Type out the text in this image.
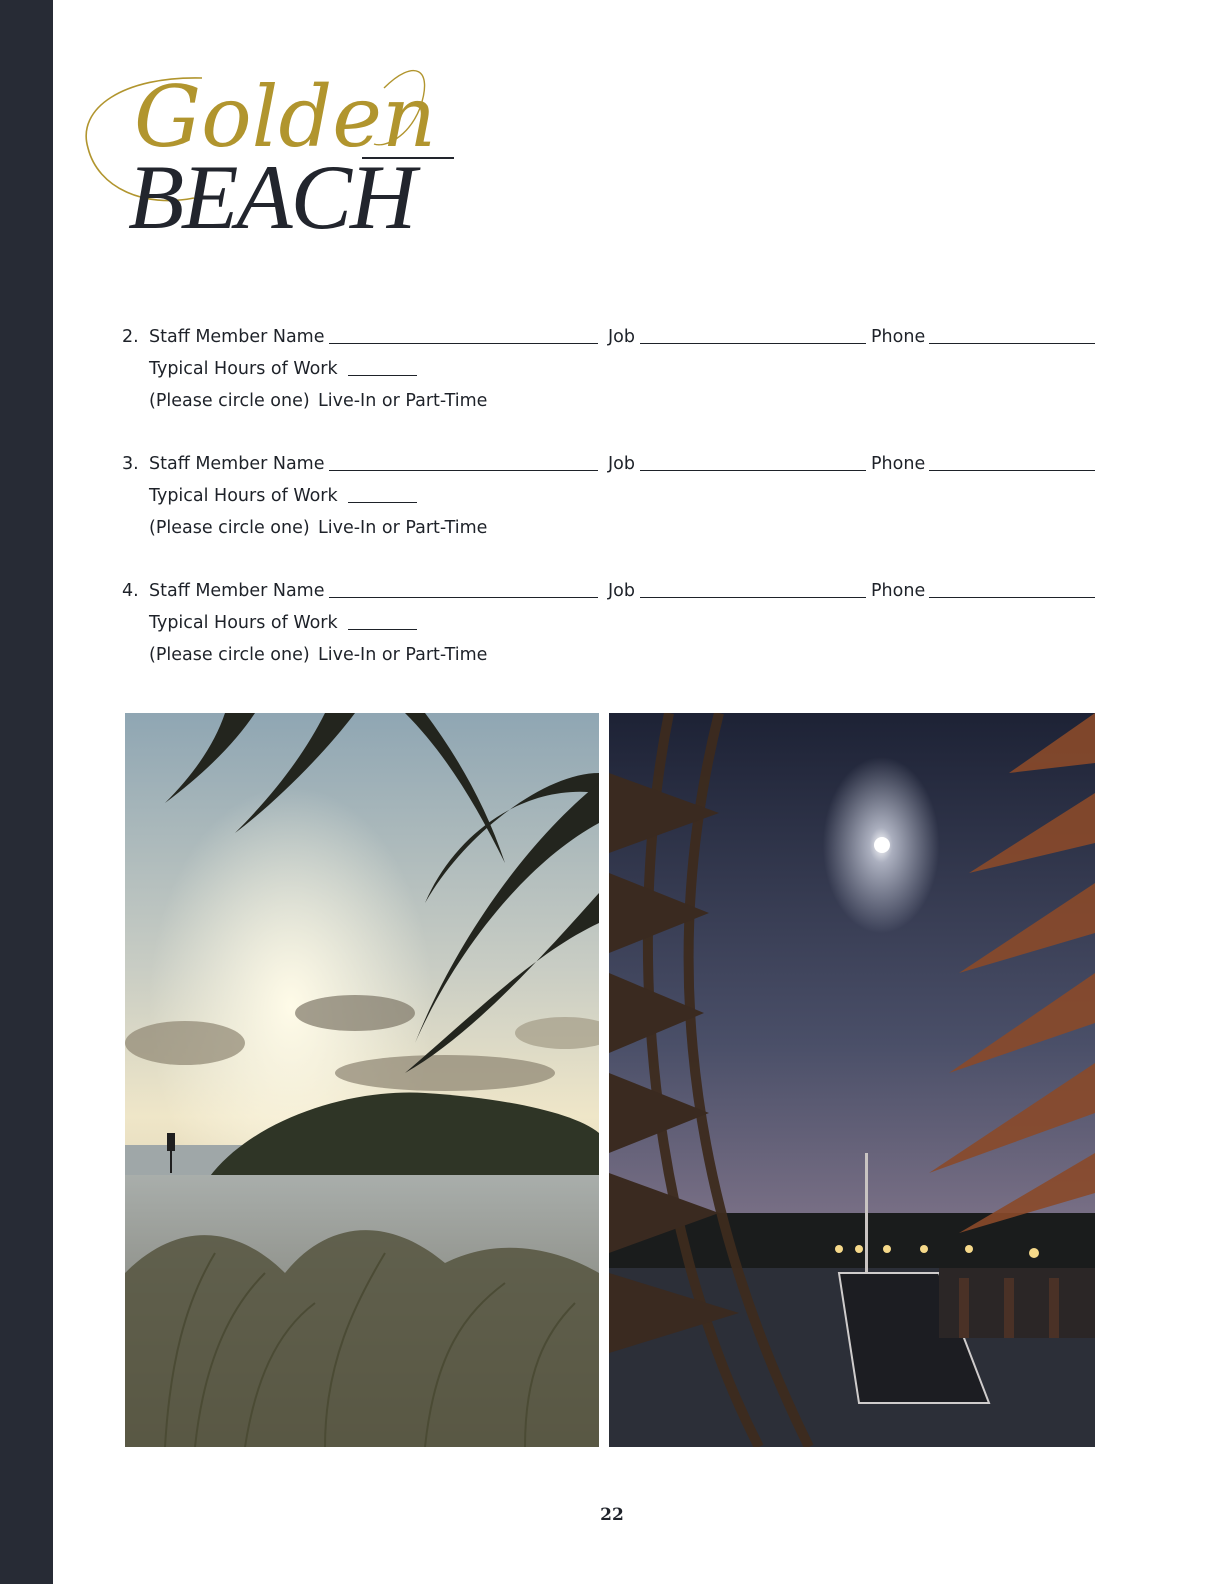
Golden
BEACH
2. Staff Member Name	Job	Phone
Typical Hours of Work
(Please circle one) Live-In or Part-Time
3. Staff Member Name	Job	Phone
Typical Hours of Work
(Please circle one) Live-In or Part-Time
4. Staff Member Name	Job	Phone
Typical Hours of Work
(Please circle one) Live-In or Part-Time
22
